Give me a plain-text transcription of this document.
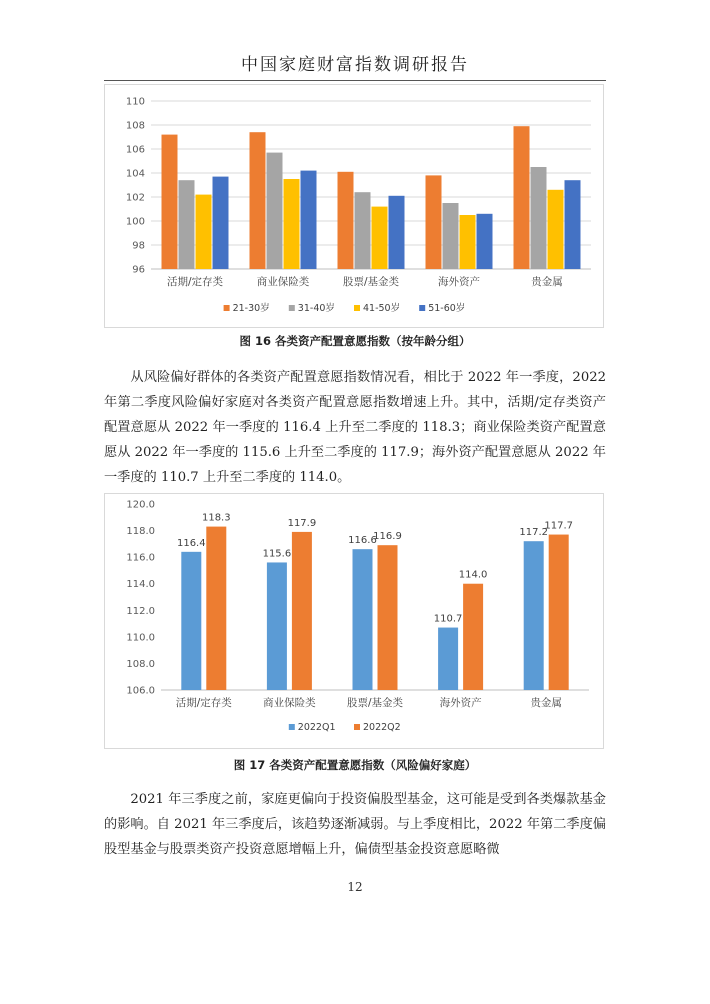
中国家庭财富指数调研报告
96
98
100
102
104
106
108
110
活期/定存类	商业保险类	股票/基金类	海外资产	贵金属
21-30岁	31-40岁	41-50岁	51-60岁
图 16 各类资产配置意愿指数（按年龄分组）

从风险偏好群体的各类资产配置意愿指数情况看，相比于 2022 年一季度，2022 年第二季度风险偏好家庭对各类资产配置意愿指数增速上升。其中，活期/定存类资产配置意愿从 2022 年一季度的 116.4 上升至二季度的 118.3；商业保险类资产配置意愿从 2022 年一季度的 115.6 上升至二季度的 117.9；海外资产配置意愿从 2022 年一季度的 110.7 上升至二季度的 114.0。

106.0
108.0
110.0
112.0
114.0
116.0
118.0
120.0
活期/定存类
116.4
118.3
商业保险类
115.6
117.9
股票/基金类
116.6
116.9
海外资产
110.7
114.0
贵金属
117.2
117.7
2022Q1	2022Q2
图 17 各类资产配置意愿指数（风险偏好家庭）

2021 年三季度之前，家庭更偏向于投资偏股型基金，这可能是受到各类爆款基金的影响。自 2021 年三季度后，该趋势逐渐减弱。与上季度相比，2022 年第二季度偏股型基金与股票类资产投资意愿增幅上升，偏债型基金投资意愿略微

12
